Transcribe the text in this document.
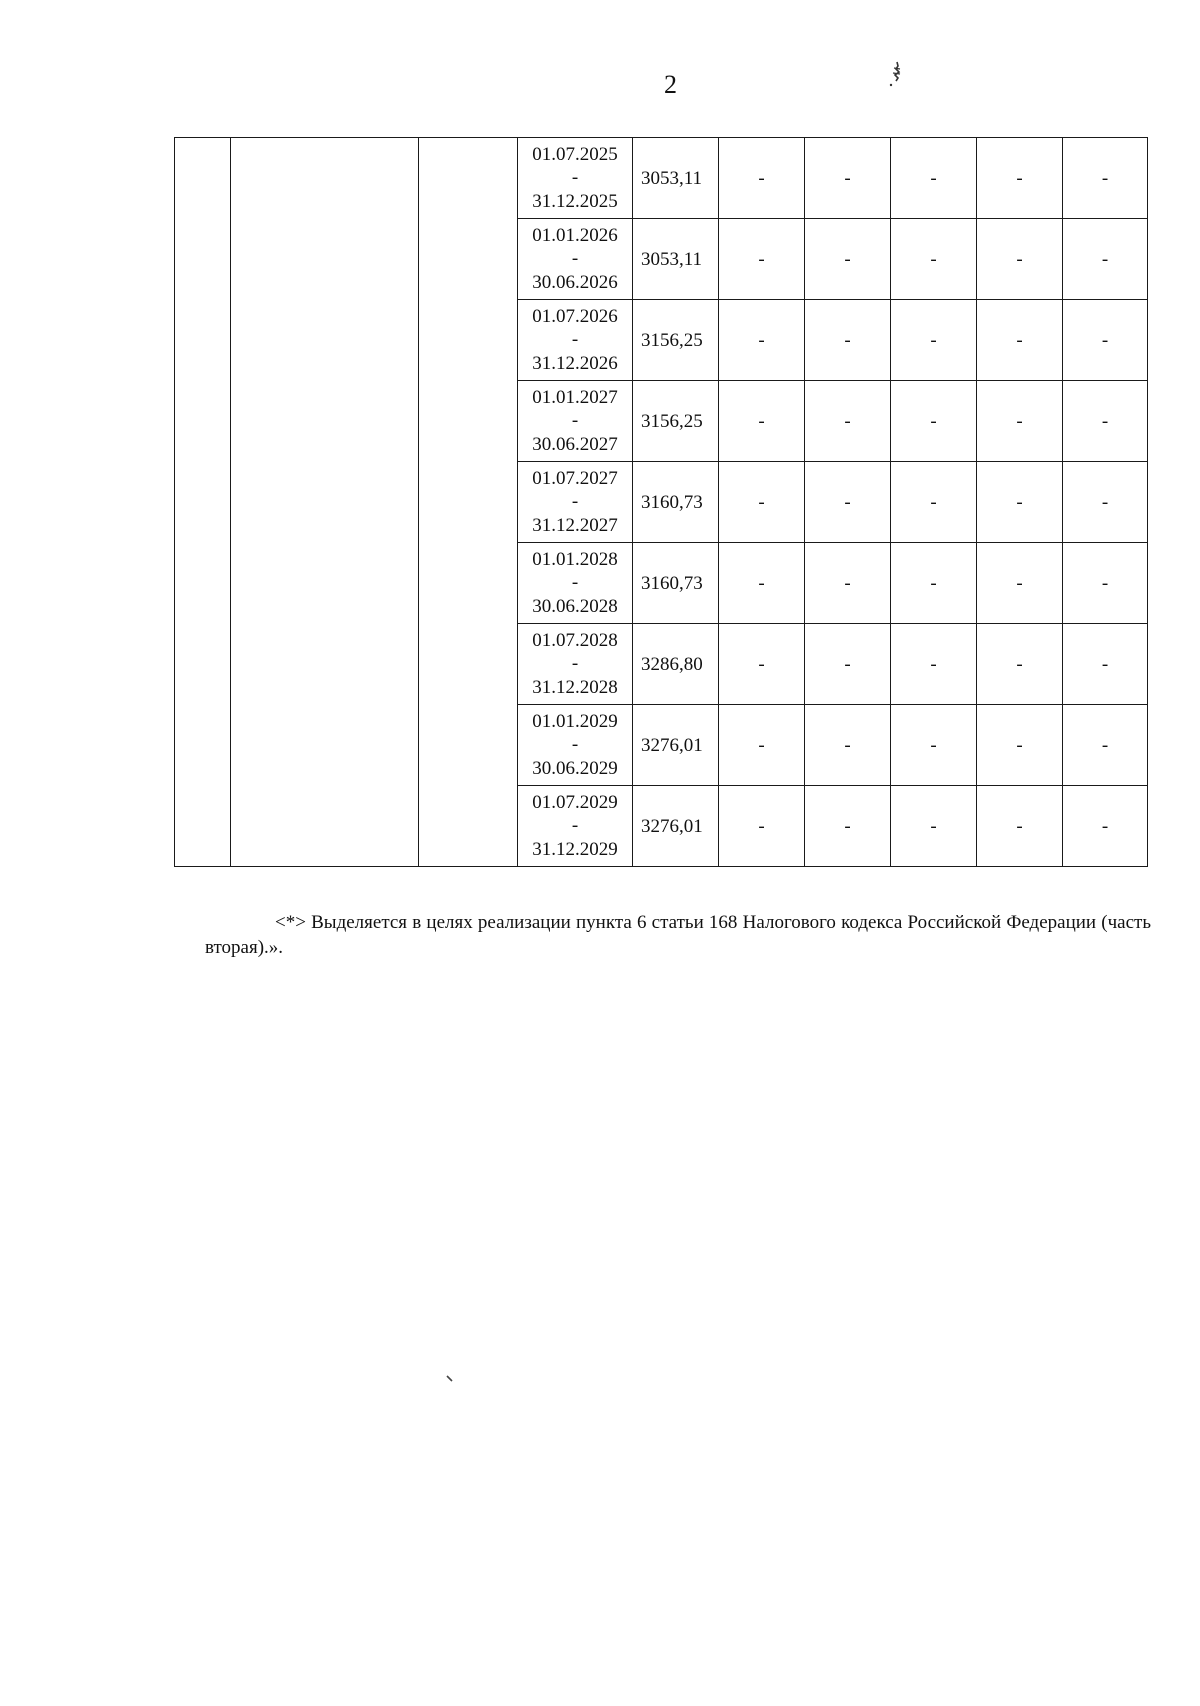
2

			01.07.2025
-
31.12.2025	3053,11	-	-	-	-	-

			01.01.2026
-
30.06.2026	3053,11	-	-	-	-	-

			01.07.2026
-
31.12.2026	3156,25	-	-	-	-	-

			01.01.2027
-
30.06.2027	3156,25	-	-	-	-	-

			01.07.2027
-
31.12.2027	3160,73	-	-	-	-	-

			01.01.2028
-
30.06.2028	3160,73	-	-	-	-	-

			01.07.2028
-
31.12.2028	3286,80	-	-	-	-	-

			01.01.2029
-
30.06.2029	3276,01	-	-	-	-	-

			01.07.2029
-
31.12.2029	3276,01	-	-	-	-	-

<*> Выделяется в целях реализации пункта 6 статьи 168 Налогового кодекса Российской Федерации (часть вторая).».
